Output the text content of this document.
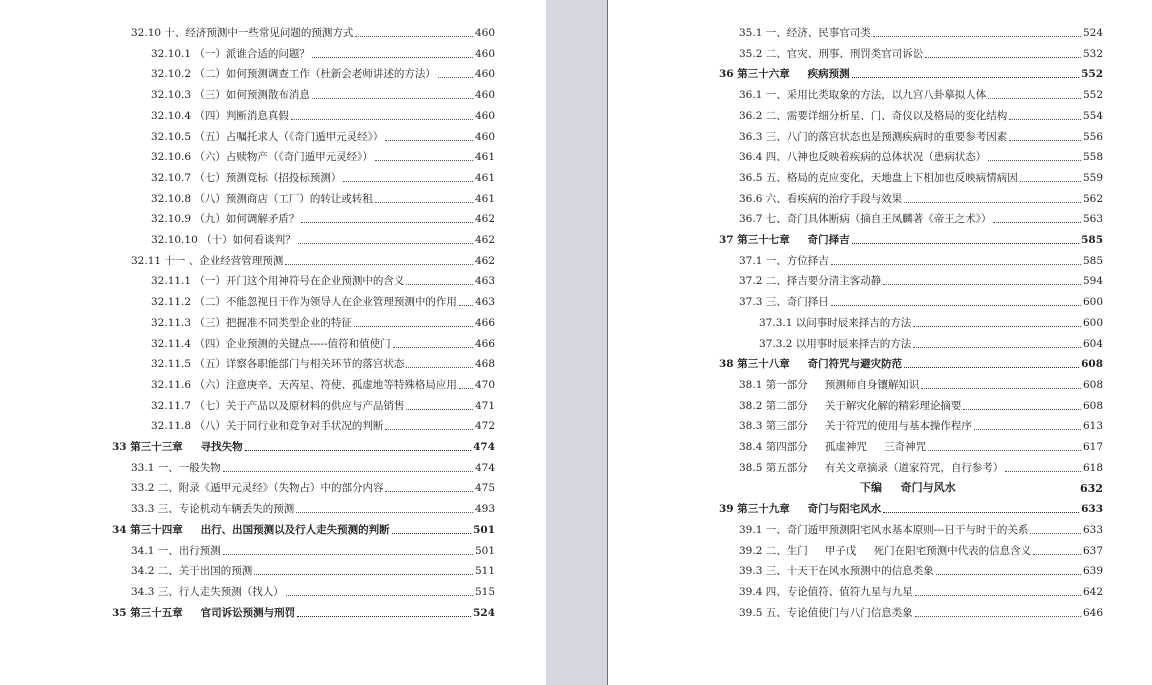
32.10 十、经济预测中一些常见问题的预测方式	460
32.10.1 （一）派谁合适的问题？	460
32.10.2 （二）如何预测调查工作（杜新会老师讲述的方法）	460
32.10.3 （三）如何预测散布消息	460
32.10.4 （四）判断消息真假	460
32.10.5 （五）占嘱托求人（《奇门遁甲元灵经》）	460
32.10.6 （六）占赎物产（《奇门遁甲元灵经》）	461
32.10.7 （七）预测竞标（招投标预测）	461
32.10.8 （八）预测商店（工厂）的转让或转租	461
32.10.9 （九）如何调解矛盾？	462
32.10.10 （十）如何看谈判？	462
32.11 十一 、企业经营管理预测	462
32.11.1 （一）开门这个用神符号在企业预测中的含义	463
32.11.2 （二）不能忽视日干作为领导人在企业管理预测中的作用 463
32.11.3 （三）把握准不同类型企业的特征	466
32.11.4 （四）企业预测的关键点-----值符和值使门	466
32.11.5 （五）详察各职能部门与相关环节的落宫状态	468
32.11.6 （六）注意庚辛、天芮星、符使、孤虚地等特殊格局应用 470
32.11.7 （七）关于产品以及原材料的供应与产品销售	471
32.11.8 （八）关于同行业和竞争对手状况的判断	472
33 第三十三章 　 寻找失物	474
33.1 一、一般失物	474
33.2 二、附录《遁甲元灵经》（失物占）中的部分内容	475
33.3 三、专论机动车辆丢失的预测	493
34 第三十四章 　 出行、出国预测以及行人走失预测的判断	501
34.1 一、出行预测	501
34.2 二、关于出国的预测	511
34.3 三、行人走失预测（找人）	515
35 第三十五章 　 官司诉讼预测与刑罚	524
35.1 一、经济、民事官司类	524
35.2 二、官灾、刑事、刑罚类官司诉讼	532
36 第三十六章 　 疾病预测	552
36.1 一、采用比类取象的方法，以九宫八卦摹拟人体	552
36.2 二、需要详细分析星、门、奇仪以及格局的变化结构	554
36.3 三、八门的落宫状态也是预测疾病时的重要参考因素	556
36.4 四、八神也反映着疾病的总体状况（患病状态）	558
36.5 五、格局的克应变化，天地盘上下相加也反映病情病因	559
36.6 六、看疾病的治疗手段与效果	562
36.7 七、奇门具体断病（摘自王凤麟著《帝王之术》）	563
37 第三十七章 　 奇门择吉	585
37.1 一、方位择吉	585
37.2 二、择吉要分清主客动静	594
37.3 三、奇门择日	600
37.3.1 以问事时辰来择吉的方法	600
37.3.2 以用事时辰来择吉的方法	604
38 第三十八章 　 奇门符咒与避灾防范	608
38.1 第一部分 　 预测师自身镶解知识	608
38.2 第二部分 　 关于解灾化解的精彩理论摘要	608
38.3 第三部分 　 关于符咒的使用与基本操作程序	613
38.4 第四部分 　 孤虚神咒 　 三奇神咒	617
38.5 第五部分 　 有关文章摘录（道家符咒，自行参考）	618
下编 　 奇门与风水	632
39 第三十九章 　 奇门与阳宅风水	633
39.1 一、奇门遁甲预测阳宅风水基本原则---日干与时干的关系	633
39.2 二、生门 　 甲子戊 　 死门在阳宅预测中代表的信息含义	637
39.3 三、十天干在风水预测中的信息类象	639
39.4 四、专论值符、值符九星与九星	642
39.5 五、专论值使门与八门信息类象	646
